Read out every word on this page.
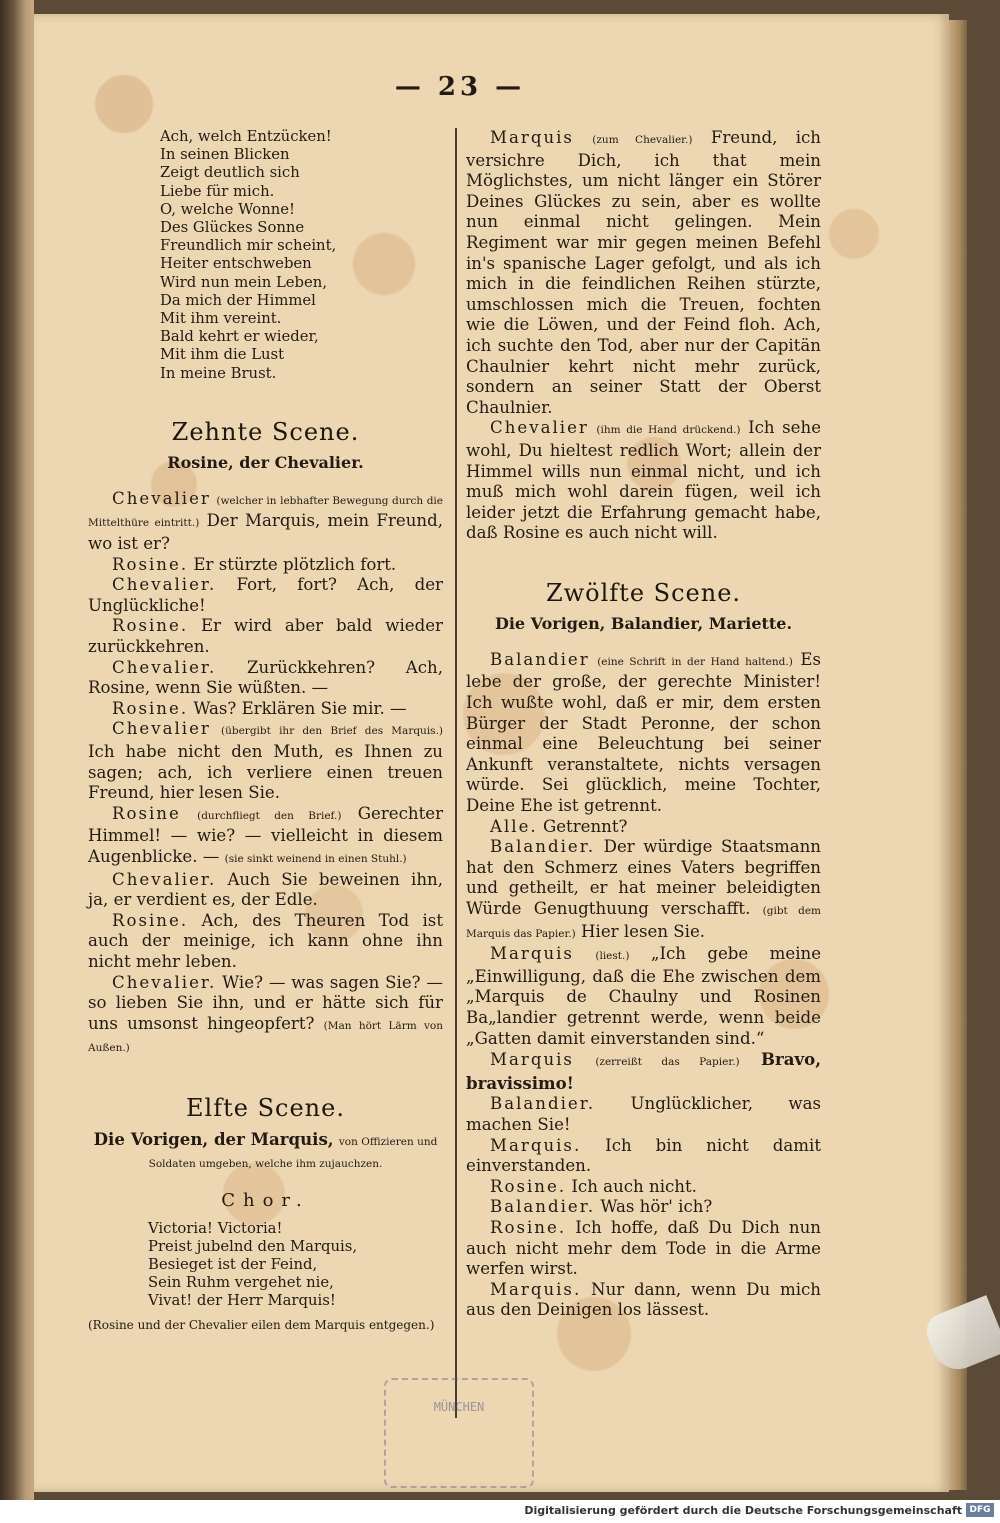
— 23 —
Ach, welch Entzücken!
In seinen Blicken
Zeigt deutlich sich
Liebe für mich.
O, welche Wonne!
Des Glückes Sonne
Freundlich mir scheint,
Heiter entschweben
Wird nun mein Leben,
Da mich der Himmel
Mit ihm vereint.
Bald kehrt er wieder,
Mit ihm die Lust
In meine Brust.
Zehnte Scene.
Rosine, der Chevalier.

Chevalier (welcher in lebhafter Bewegung durch die Mittelthüre eintritt.) Der Marquis, mein Freund, wo ist er?

Rosine. Er stürzte plötzlich fort.

Chevalier. Fort, fort? Ach, der Unglückliche!

Rosine. Er wird aber bald wieder zurückkehren.

Chevalier. Zurückkehren? Ach, Rosine, wenn Sie wüßten. —

Rosine. Was? Erklären Sie mir. —

Chevalier (übergibt ihr den Brief des Marquis.) Ich habe nicht den Muth, es Ihnen zu sagen; ach, ich verliere einen treuen Freund, hier lesen Sie.

Rosine (durchfliegt den Brief.) Gerechter Himmel! — wie? — vielleicht in diesem Augenblicke. — (sie sinkt weinend in einen Stuhl.)

Chevalier. Auch Sie beweinen ihn, ja, er verdient es, der Edle.

Rosine. Ach, des Theuren Tod ist auch der meinige, ich kann ohne ihn nicht mehr leben.

Chevalier. Wie? — was sagen Sie? — so lieben Sie ihn, und er hätte sich für uns umsonst hingeopfert? (Man hört Lärm von Außen.)

Elfte Scene.

Die Vorigen, der Marquis, von Offizieren und Soldaten umgeben, welche ihm zujauchzen.

Chor.
Victoria! Victoria!
Preist jubelnd den Marquis,
Besieget ist der Feind,
Sein Ruhm vergehet nie,
Vivat! der Herr Marquis!

(Rosine und der Chevalier eilen dem Marquis entgegen.)

Marquis (zum Chevalier.) Freund, ich versichre Dich, ich that mein Möglichstes, um nicht länger ein Störer Deines Glückes zu sein, aber es wollte nun einmal nicht gelingen. Mein Regiment war mir gegen meinen Befehl in's spanische Lager gefolgt, und als ich mich in die feindlichen Reihen stürzte, umschlossen mich die Treuen, fochten wie die Löwen, und der Feind floh. Ach, ich suchte den Tod, aber nur der Capitän Chaulnier kehrt nicht mehr zurück, sondern an seiner Statt der Oberst Chaulnier.

Chevalier (ihm die Hand drückend.) Ich sehe wohl, Du hieltest redlich Wort; allein der Himmel wills nun einmal nicht, und ich muß mich wohl darein fügen, weil ich leider jetzt die Erfahrung gemacht habe, daß Rosine es auch nicht will.

Zwölfte Scene.
Die Vorigen, Balandier, Mariette.

Balandier (eine Schrift in der Hand haltend.) Es lebe der große, der gerechte Minister! Ich wußte wohl, daß er mir, dem ersten Bürger der Stadt Peronne, der schon einmal eine Beleuchtung bei seiner Ankunft veranstaltete, nichts versagen würde. Sei glücklich, meine Tochter, Deine Ehe ist getrennt.

Alle. Getrennt?

Balandier. Der würdige Staatsmann hat den Schmerz eines Vaters begriffen und getheilt, er hat meiner beleidigten Würde Genugthuung verschafft. (gibt dem Marquis das Papier.) Hier lesen Sie.

Marquis (liest.) „Ich gebe meine „Einwilligung, daß die Ehe zwischen dem „Marquis de Chaulny und Rosinen Ba„landier getrennt werde, wenn beide „Gatten damit einverstanden sind.“

Marquis (zerreißt das Papier.) Bravo, bravissimo!

Balandier. Unglücklicher, was machen Sie!

Marquis. Ich bin nicht damit einverstanden.

Rosine. Ich auch nicht.

Balandier. Was hör' ich?

Rosine. Ich hoffe, daß Du Dich nun auch nicht mehr dem Tode in die Arme werfen wirst.

Marquis. Nur dann, wenn Du mich aus den Deinigen los lässest.

MÜNCHEN
Digitalisierung gefördert durch die Deutsche Forschungsgemeinschaft DFG
